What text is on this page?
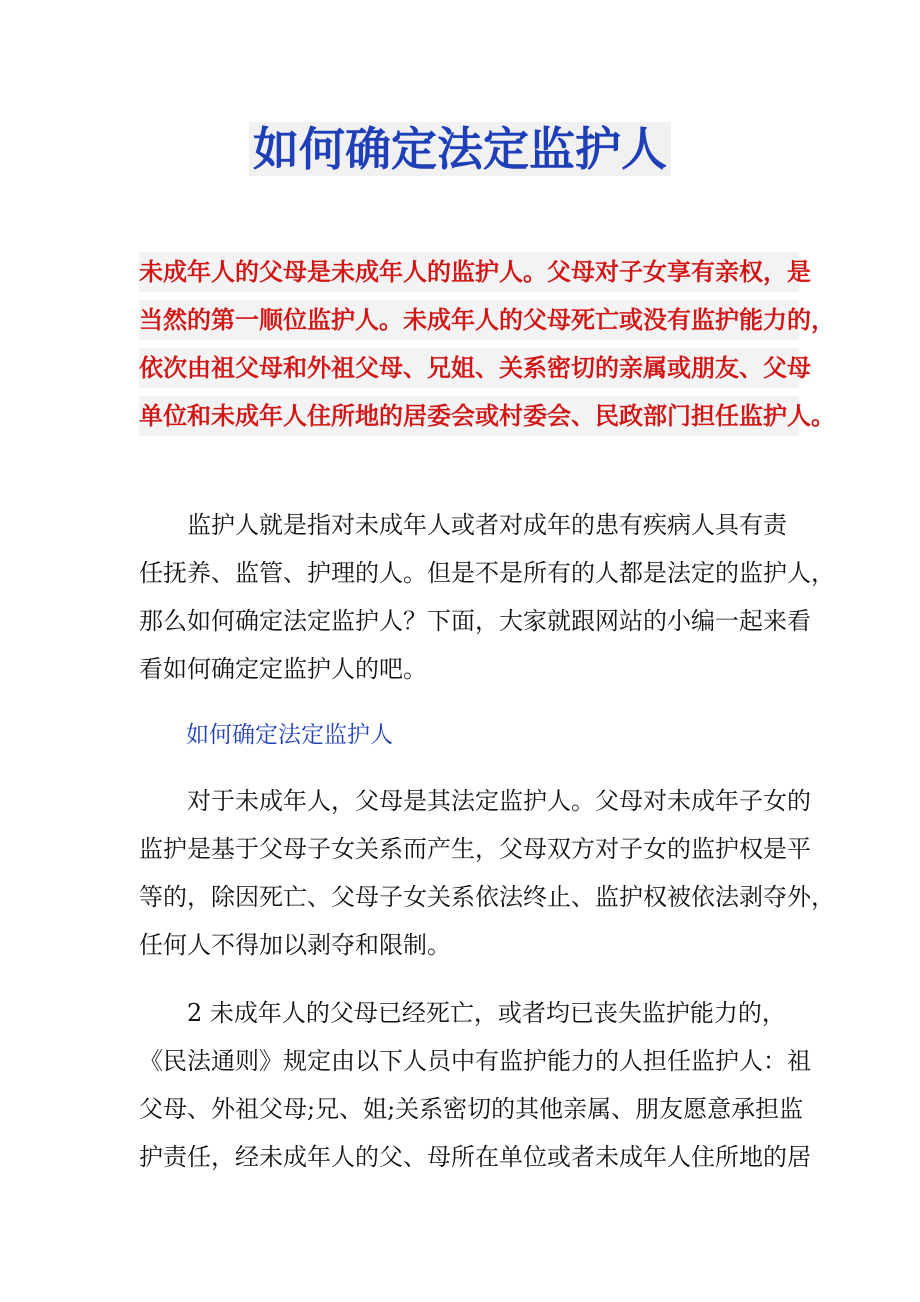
如何确定法定监护人
未成年人的父母是未成年人的监护人。父母对子女享有亲权，是
当然的第一顺位监护人。未成年人的父母死亡或没有监护能力的，
依次由祖父母和外祖父母、兄姐、关系密切的亲属或朋友、父母
单位和未成年人住所地的居委会或村委会、民政部门担任监护人。
　　监护人就是指对未成年人或者对成年的患有疾病人具有责
任抚养、监管、护理的人。但是不是所有的人都是法定的监护人，
那么如何确定法定监护人？下面，大家就跟网站的小编一起来看
看如何确定定监护人的吧。
如何确定法定监护人
　　对于未成年人，父母是其法定监护人。父母对未成年子女的
监护是基于父母子女关系而产生，父母双方对子女的监护权是平
等的，除因死亡、父母子女关系依法终止、监护权被依法剥夺外，
任何人不得加以剥夺和限制。
　　2 未成年人的父母已经死亡，或者均已丧失监护能力的，
《民法通则》规定由以下人员中有监护能力的人担任监护人：祖
父母、外祖父母;兄、姐;关系密切的其他亲属、朋友愿意承担监
护责任，经未成年人的父、母所在单位或者未成年人住所地的居
